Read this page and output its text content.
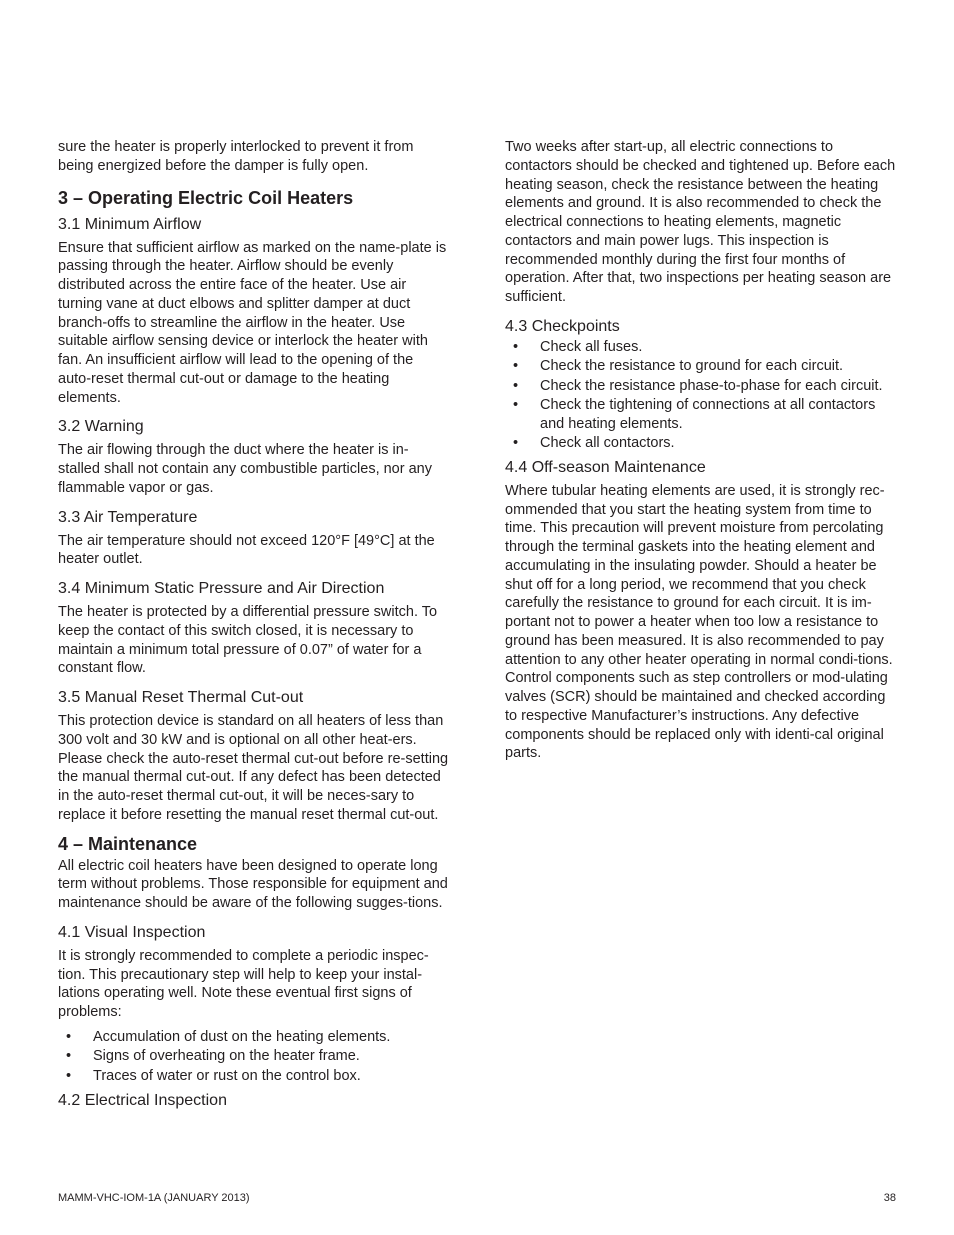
sure the heater is properly interlocked to prevent it from being energized before the damper is fully open.

3 – Operating Electric Coil Heaters
3.1 Minimum Airflow

Ensure that sufficient airflow as marked on the name-plate is passing through the heater. Airflow should be evenly distributed across the entire face of the heater. Use air turning vane at duct elbows and splitter damper at duct branch-offs to streamline the airflow in the heater. Use suitable airflow sensing device or interlock the heater with fan. An insufficient airflow will lead to the opening of the auto-reset thermal cut-out or damage to the heating elements.

3.2 Warning

The air flowing through the duct where the heater is in-stalled shall not contain any combustible particles, nor any flammable vapor or gas.

3.3 Air Temperature

The air temperature should not exceed 120°F [49°C] at the heater outlet.

3.4 Minimum Static Pressure and Air Direction

The heater is protected by a differential pressure switch. To keep the contact of this switch closed, it is necessary to maintain a minimum total pressure of 0.07” of water for a constant flow.

3.5 Manual Reset Thermal Cut-out

This protection device is standard on all heaters of less than 300 volt and 30 kW and is optional on all other heat-ers. Please check the auto-reset thermal cut-out before re-setting the manual thermal cut-out. If any defect has been detected in the auto-reset thermal cut-out, it will be neces-sary to replace it before resetting the manual reset thermal cut-out.

4 – Maintenance

All electric coil heaters have been designed to operate long term without problems. Those responsible for equipment and maintenance should be aware of the following sugges-tions.

4.1 Visual Inspection

It is strongly recommended to complete a periodic inspec-tion. This precautionary step will help to keep your instal-lations operating well. Note these eventual first signs of problems:

• Accumulation of dust on the heating elements.
• Signs of overheating on the heater frame.
• Traces of water or rust on the control box.
4.2 Electrical Inspection

Two weeks after start-up, all electric connections to contactors should be checked and tightened up. Before each heating season, check the resistance between the heating elements and ground. It is also recommended to check the electrical connections to heating elements, magnetic contactors and main power lugs. This inspection is recommended monthly during the first four months of operation. After that, two inspections per heating season are sufficient.

4.3 Checkpoints
• Check all fuses.
• Check the resistance to ground for each circuit.
• Check the resistance phase-to-phase for each circuit.
• Check the tightening of connections at all contactors and heating elements.
• Check all contactors.
4.4 Off-season Maintenance

Where tubular heating elements are used, it is strongly rec-ommended that you start the heating system from time to time. This precaution will prevent moisture from percolating through the terminal gaskets into the heating element and accumulating in the insulating powder. Should a heater be shut off for a long period, we recommend that you check carefully the resistance to ground for each circuit. It is im-portant not to power a heater when too low a resistance to ground has been measured. It is also recommended to pay attention to any other heater operating in normal condi-tions. Control components such as step controllers or mod-ulating valves (SCR) should be maintained and checked according to respective Manufacturer’s instructions. Any defective components should be replaced only with identi-cal original parts.

MAMM-VHC-IOM-1A (JANUARY 2013)	38
